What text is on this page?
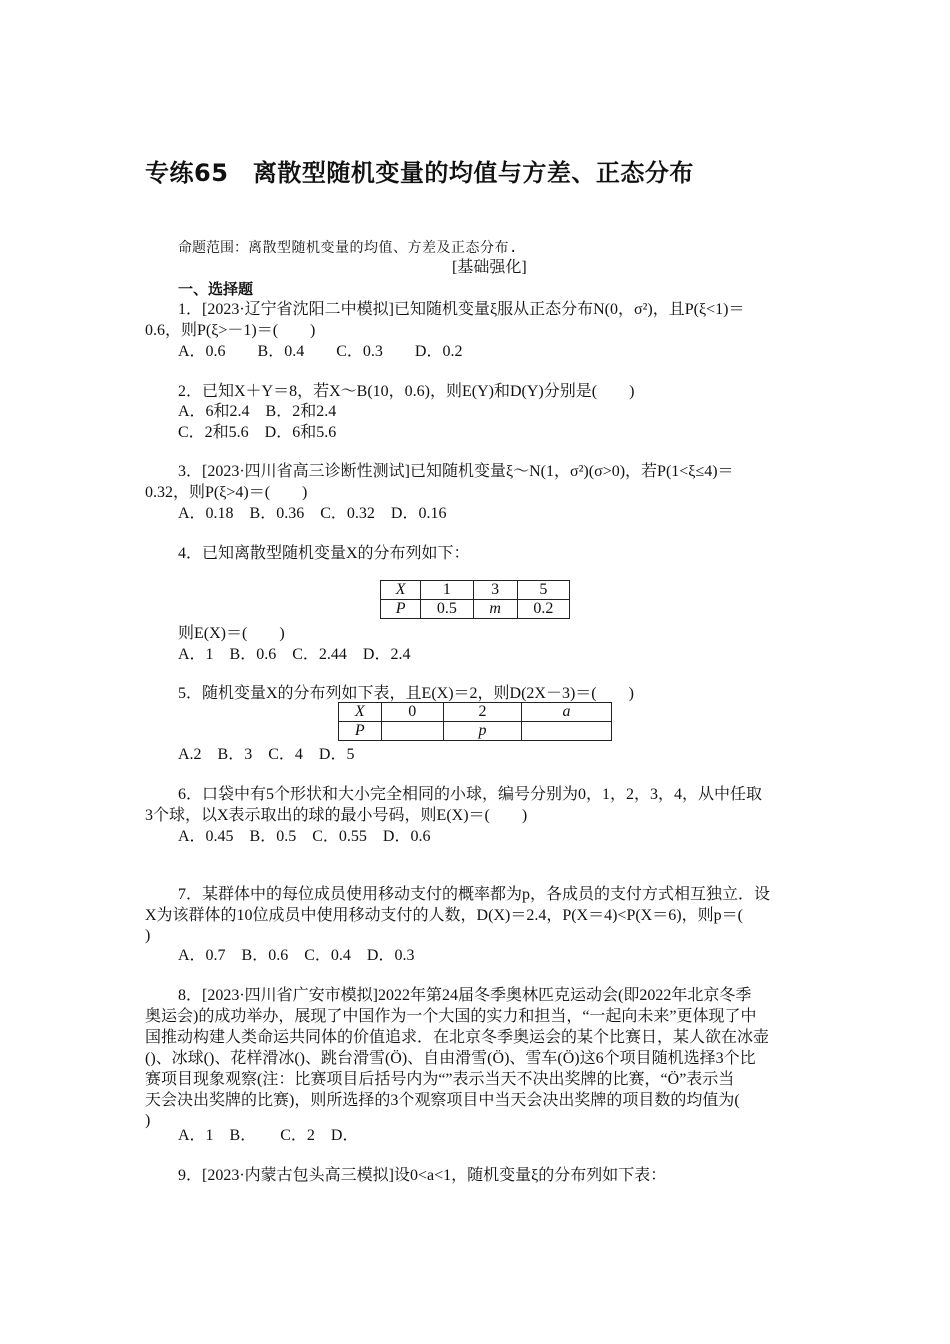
专练65　离散型随机变量的均值与方差、正态分布
命题范围：离散型随机变量的均值、方差及正态分布.
[基础强化]
一、选择题
1．[2023·辽宁省沈阳二中模拟]已知随机变量ξ服从正态分布N(0，σ²)，且P(ξ<1)＝
0.6，则P(ξ>－1)＝(　　)
A．0.6　　B．0.4　　C．0.3　　D．0.2
2．已知X＋Y＝8，若X～B(10，0.6)，则E(Y)和D(Y)分别是(　　)
A．6和2.4　B．2和2.4
C．2和5.6　D．6和5.6
3．[2023·四川省高三诊断性测试]已知随机变量ξ～N(1，σ²)(σ>0)，若P(1<ξ≤4)＝
0.32，则P(ξ>4)＝(　　)
A．0.18　B．0.36　C．0.32　D．0.16
4．已知离散型随机变量X的分布列如下：
X	1	3	5
P	0.5	m	0.2
则E(X)＝(　　)
A．1　B．0.6　C．2.44　D．2.4
5．随机变量X的分布列如下表，且E(X)＝2，则D(2X－3)＝(　　)
X	0	2	a
P		p	
A.2　B．3　C．4　D．5
6．口袋中有5个形状和大小完全相同的小球，编号分别为0，1，2，3，4，从中任取
3个球，以X表示取出的球的最小号码，则E(X)＝(　　)
A．0.45　B．0.5　C．0.55　D．0.6
7．某群体中的每位成员使用移动支付的概率都为p，各成员的支付方式相互独立．设
X为该群体的10位成员中使用移动支付的人数，D(X)＝2.4，P(X＝4)<P(X＝6)，则p＝(
)
A．0.7　B．0.6　C．0.4　D．0.3
8．[2023·四川省广安市模拟]2022年第24届冬季奥林匹克运动会(即2022年北京冬季
奥运会)的成功举办，展现了中国作为一个大国的实力和担当，“一起向未来”更体现了中
国推动构建人类命运共同体的价值追求．在北京冬季奥运会的某个比赛日，某人欲在冰壶
()、冰球()、花样滑冰()、跳台滑雪(Ö)、自由滑雪(Ö)、雪车(Ö)这6个项目随机选择3个比
赛项目现象观察(注：比赛项目后括号内为“”表示当天不决出奖牌的比赛，“Ö”表示当
天会决出奖牌的比赛)，则所选择的3个观察项目中当天会决出奖牌的项目数的均值为(
)
A．1　B．　　C．2　D．
9．[2023·内蒙古包头高三模拟]设0<a<1，随机变量ξ的分布列如下表：
